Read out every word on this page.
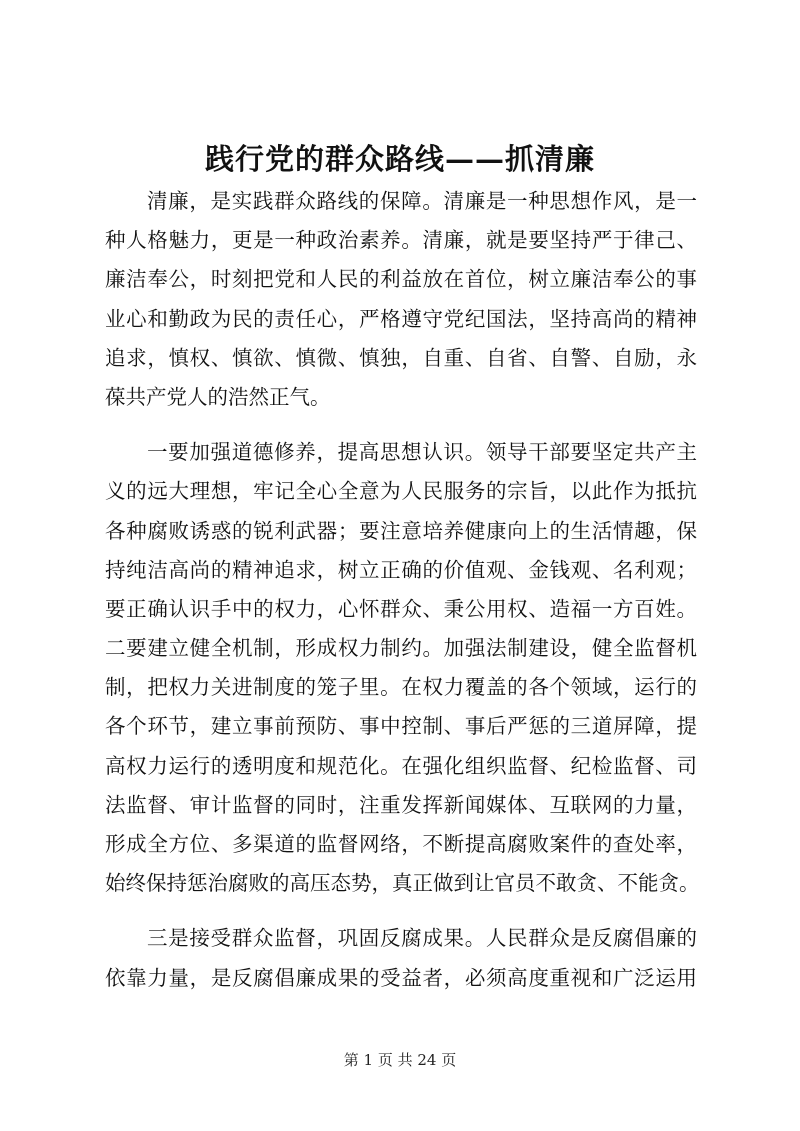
践行党的群众路线——抓清廉
清廉，是实践群众路线的保障。清廉是一种思想作风，是一
种人格魅力，更是一种政治素养。清廉，就是要坚持严于律己、
廉洁奉公，时刻把党和人民的利益放在首位，树立廉洁奉公的事
业心和勤政为民的责任心，严格遵守党纪国法，坚持高尚的精神
追求，慎权、慎欲、慎微、慎独，自重、自省、自警、自励，永
葆共产党人的浩然正气。
一要加强道德修养，提高思想认识。领导干部要坚定共产主
义的远大理想，牢记全心全意为人民服务的宗旨，以此作为抵抗
各种腐败诱惑的锐利武器；要注意培养健康向上的生活情趣，保
持纯洁高尚的精神追求，树立正确的价值观、金钱观、名利观；
要正确认识手中的权力，心怀群众、秉公用权、造福一方百姓。
二要建立健全机制，形成权力制约。加强法制建设，健全监督机
制，把权力关进制度的笼子里。在权力覆盖的各个领域，运行的
各个环节，建立事前预防、事中控制、事后严惩的三道屏障，提
高权力运行的透明度和规范化。在强化组织监督、纪检监督、司
法监督、审计监督的同时，注重发挥新闻媒体、互联网的力量，
形成全方位、多渠道的监督网络，不断提高腐败案件的查处率，
始终保持惩治腐败的高压态势，真正做到让官员不敢贪、不能贪。
三是接受群众监督，巩固反腐成果。人民群众是反腐倡廉的
依靠力量，是反腐倡廉成果的受益者，必须高度重视和广泛运用
第 1 页 共 24 页
